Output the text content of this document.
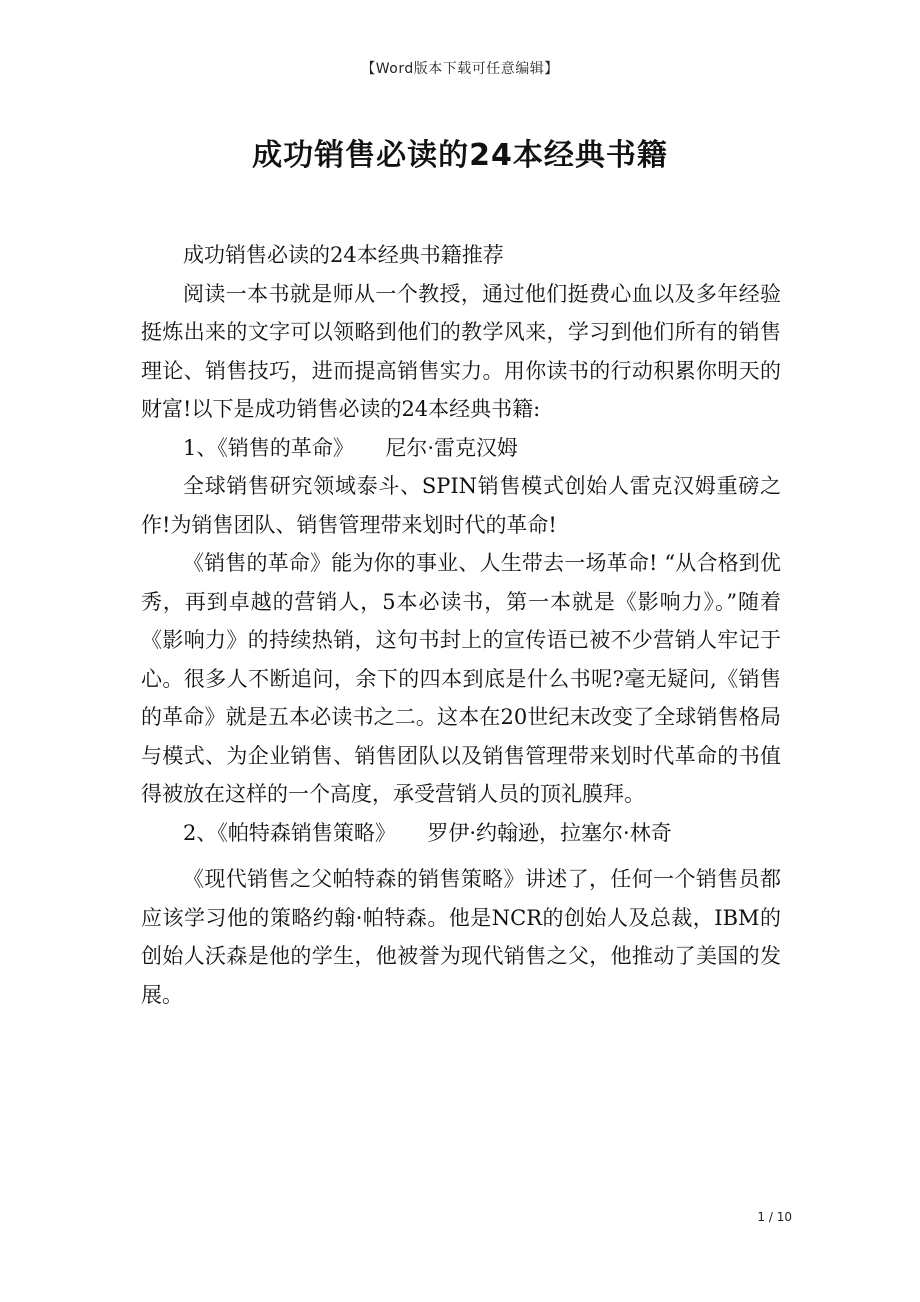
【Word版本下载可任意编辑】
成功销售必读的24本经典书籍

成功销售必读的24本经典书籍推荐

阅读一本书就是师从一个教授，通过他们挺费心血以及多年经验挺炼出来的文字可以领略到他们的教学风来，学习到他们所有的销售理论、销售技巧，进而提高销售实力。用你读书的行动积累你明天的财富!以下是成功销售必读的24本经典书籍:

1、《销售的革命》　　尼尔·雷克汉姆

全球销售研究领域泰斗、SPIN销售模式创始人雷克汉姆重磅之作!为销售团队、销售管理带来划时代的革命!

《销售的革命》能为你的事业、人生带去一场革命! “从合格到优秀，再到卓越的营销人，5本必读书，第一本就是《影响力》。”随着《影响力》的持续热销，这句书封上的宣传语已被不少营销人牢记于心。很多人不断追问，余下的四本到底是什么书呢?毫无疑问,《销售的革命》就是五本必读书之二。这本在20世纪末改变了全球销售格局与模式、为企业销售、销售团队以及销售管理带来划时代革命的书值得被放在这样的一个高度，承受营销人员的顶礼膜拜。

2、《帕特森销售策略》　　罗伊·约翰逊，拉塞尔·林奇

《现代销售之父帕特森的销售策略》讲述了，任何一个销售员都应该学习他的策略约翰·帕特森。他是NCR的创始人及总裁，IBM的创始人沃森是他的学生，他被誉为现代销售之父，他推动了美国的发展。

1 / 10
